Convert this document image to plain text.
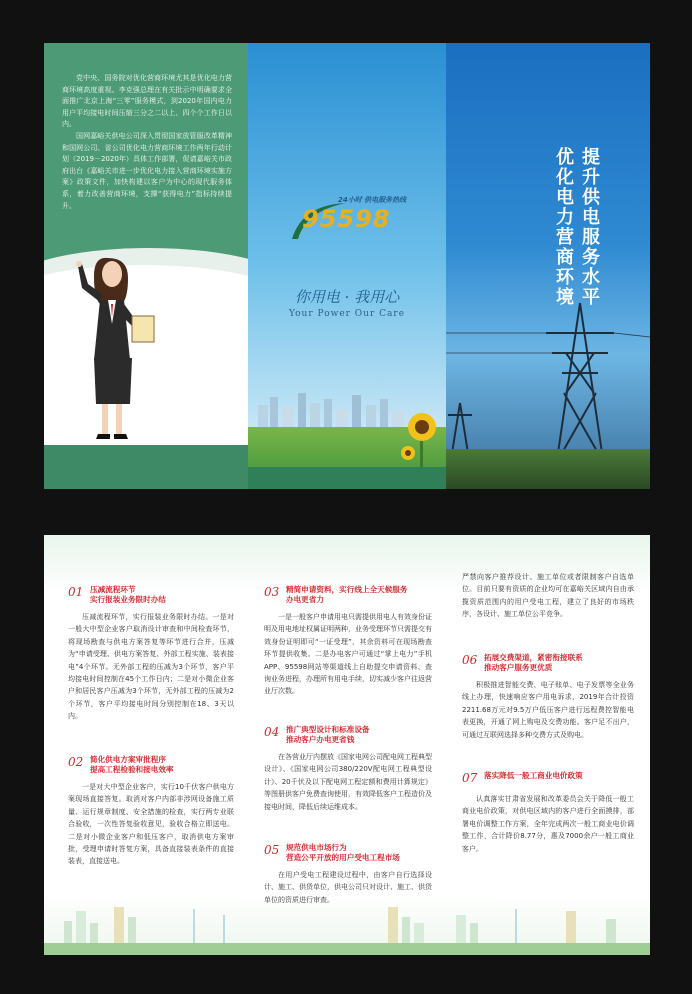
党中央、国务院对优化营商环境尤其是优化电力营商环境高度重视。李克强总理在有关批示中明确要求全面推广北京上海“三零”服务模式，到2020年国内电力用户平均接电时间压缩三分之二以上、四个个工作日以内。

国网嘉峪关供电公司深入贯彻国家放管服改革精神和国网公司、省公司优化电力营商环境工作两年行动计划（2019－2020年）具体工作部署，促请嘉峪关市政府出台《嘉峪关市进一步优化电力接入营商环境实施方案》政策文件，加快构建以客户为中心的现代服务体系，着力改善营商环境，支撑“获得电力”指标持续提升。

24小时 供电服务热线
95598
你用电 · 我用心
Your Power Our Care
提升供电服务水平
优化电力营商环境
01 压减流程环节
实行报装业务限时办结
压减流程环节，实行报装业务限时办结。一是对一般大中型企业客户取消设计审查和中间检查环节，将现场勘查与供电方案答复等环节进行合并，压减为“申请受理、供电方案答复、外部工程实施、装表接电”4个环节。无外部工程的压减为3个环节，客户平均接电时间控制在45个工作日内；二是对小微企业客户和居民客户压减为3个环节，无外部工程的压减为2个环节，客户平均接电时间分别控制在18、3天以内。
02 简化供电方案审批程序
提高工程检验和接电效率
一是对大中型企业客户，实行10千伏客户供电方案现场直接答复。取消对客户内部非涉网设备施工质量、运行规章制度、安全措施的检查，实行两专业联合验收，一次性答复验收意见，验收合格立即送电。二是对小微企业客户和低压客户，取消供电方案审批，受理申请时答复方案，具备直接装表条件的直接装表，直接送电。
03 精简申请资料，实行线上全天候服务
办电更省力
一是一般客户申请用电只需提供用电人有效身份证明及用电地址权属证明两种，业务受理环节只需提交有效身份证明即可“一证受理”，其余资料可在现场勘查环节提供收集。二是办电客户可通过“掌上电力”手机APP、95598网站等渠道线上自助提交申请资料、查询业务进程，办理所有用电手续，切实减少客户往返营业厅次数。
04 推广典型设计和标准设备
推动客户办电更省钱
在各营业厅内摆放《国家电网公司配电网工程典型设计》、《国家电网公司380/220V配电网工程典型设计》、20千伏及以下配电网工程定额和费用计算规定》等图册供客户免费查询使用，有效降低客户工程造价及接电时间，降低后续运维成本。
05 规范供电市场行为
营造公平开放的用户受电工程市场
在用户受电工程建设过程中，由客户自行选择设计、施工、供货单位，供电公司只对设计、施工、供货单位的资质进行审查。
严禁向客户推荐设计、施工单位或者限制客户自选单位。目前只要有资质的企业均可在嘉峪关区域内自由承揽资质范围内的用户受电工程，建立了良好的市场秩序，各设计、施工单位公平竞争。
06 拓展交费渠道，紧密衔接联系
推动客户服务更优质
积极推进智能交费、电子账单、电子发票等全业务线上办理，快速响应客户用电诉求，2019年合计投资2211.68万元对9.5万户低压客户进行远程费控智能电表更换，开通了网上购电及交费功能。客户足不出户，可通过互联网选择多种交费方式及购电。
07 落实降低一般工商业电价政策
认真落实甘肃省发展和改革委员会关于降低一般工商业电价政策，对供电区域内的客户进行全面摸排，部署电价调整工作方案，全年完成两次一般工商业电价调整工作，合计降价8.77分，惠及7000余户一般工商业客户。
